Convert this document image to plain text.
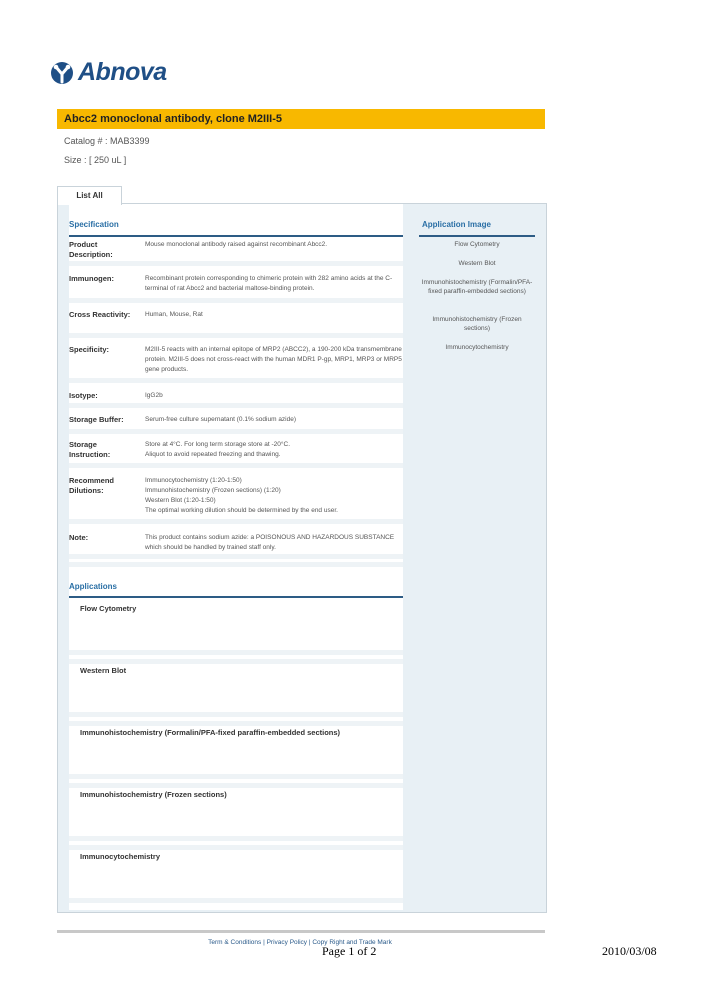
Abnova
Abcc2 monoclonal antibody, clone M2III-5
Catalog # : MAB3399
Size : [ 250 uL ]
List All
Specification
Product Description:
Mouse monoclonal antibody raised against recombinant Abcc2.
Immunogen:	Recombinant protein corresponding to chimeric protein with 282 amino acids at the C-terminal of rat Abcc2 and bacterial maltose-binding protein.
Cross Reactivity:	Human, Mouse, Rat
Specificity:	M2III-5 reacts with an internal epitope of MRP2 (ABCC2), a 190-200 kDa transmembrane protein. M2III-5 does not cross-react with the human MDR1 P-gp, MRP1, MRP3 or MRP5 gene products.
Isotype:	IgG2b
Storage Buffer:	Serum-free culture supernatant (0.1% sodium azide)
Storage Instruction:
Store at 4°C. For long term storage store at -20°C.
Aliquot to avoid repeated freezing and thawing.
Recommend Dilutions:
Immunocytochemistry (1:20-1:50)
Immunohistochemistry (Frozen sections) (1:20)
Western Blot (1:20-1:50)
The optimal working dilution should be determined by the end user.
Note:	This product contains sodium azide: a POISONOUS AND HAZARDOUS SUBSTANCE which should be handled by trained staff only.
Applications
Flow Cytometry
Western Blot
Immunohistochemistry (Formalin/PFA-fixed paraffin-embedded sections)
Immunohistochemistry (Frozen sections)
Immunocytochemistry
Application Image
Flow Cytometry
Western Blot
Immunohistochemistry (Formalin/PFA-fixed paraffin-embedded sections)
Immunohistochemistry (Frozen sections)
Immunocytochemistry
Term & Conditions | Privacy Policy | Copy Right and Trade Mark
Page 1 of 2	2010/03/08
